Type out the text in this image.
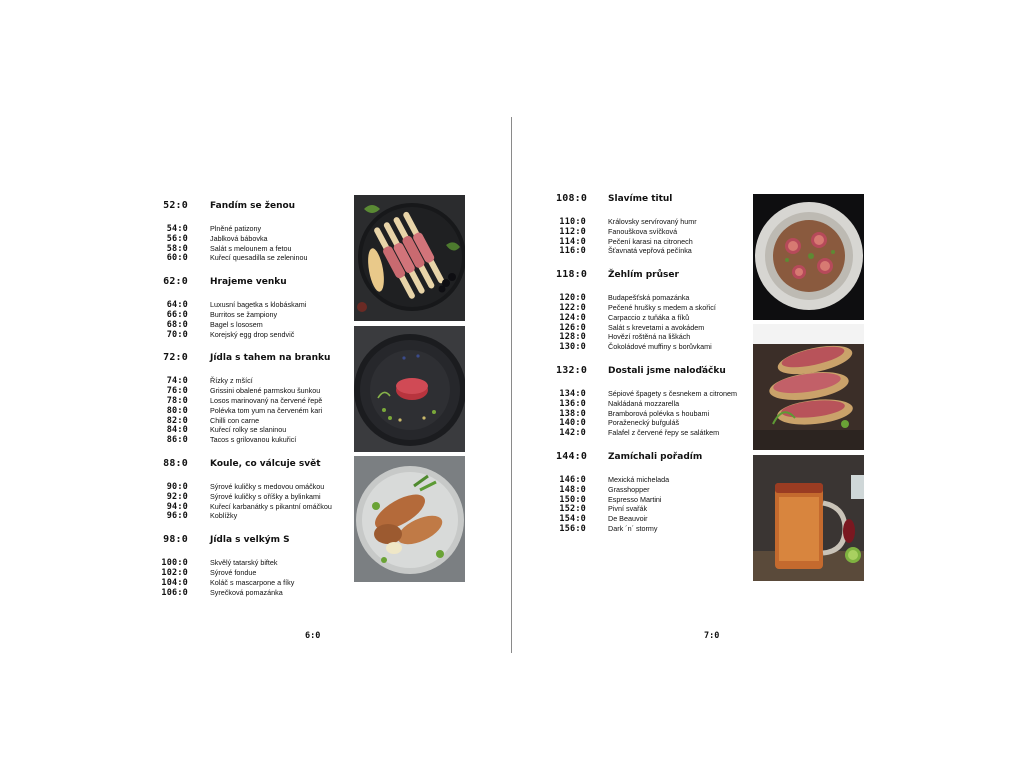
52:0 Fandím se ženou
54:0	Plněné patizony
56:0	Jablková bábovka
58:0	Salát s melounem a fetou
60:0	Kuřecí quesadilla se zeleninou
62:0 Hrajeme venku
64:0	Luxusní bagetka s klobáskami
66:0	Burritos se žampiony
68:0	Bagel s lososem
70:0	Korejský egg drop sendvič
72:0 Jídla s tahem na branku
74:0	Řízky z mšící
76:0	Grissini obalené parmskou šunkou
78:0	Losos marinovaný na červené řepě
80:0	Polévka tom yum na červeném kari
82:0	Chilli con carne
84:0	Kuřecí rolky se slaninou
86:0	Tacos s grilovanou kukuřicí
88:0 Koule, co válcuje svět
90:0	Sýrové kuličky s medovou omáčkou
92:0	Sýrové kuličky s oříšky a bylinkami
94:0	Kuřecí karbanátky s pikantní omáčkou
96:0	Koblížky
98:0 Jídla s velkým S
100:0	Skvělý tatarský biftek
102:0	Sýrové fondue
104:0	Koláč s mascarpone a fíky
106:0	Syrečková pomazánka
6:0
108:0 Slavíme titul
110:0	Královsky servírovaný humr
112:0	Fanouškova svíčková
114:0	Pečení karasi na citronech
116:0	Šťavnatá vepřová pečínka
118:0 Žehlím průser
120:0	Budapešťská pomazánka
122:0	Pečené hrušky s medem a skořicí
124:0	Carpaccio z tuňáka a fíků
126:0	Salát s krevetami a avokádem
128:0	Hovězí roštěná na liškách
130:0	Čokoládové muffiny s borůvkami
132:0 Dostali jsme naloďáčku
134:0	Sépiové špagety s česnekem a citronem
136:0	Nakládaná mozzarella
138:0	Bramborová polévka s houbami
140:0	Poraženecký buřguláš
142:0	Falafel z červené řepy se salátkem
144:0 Zamíchali pořadím
146:0	Mexická michelada
148:0	Grasshopper
150:0	Espresso Martini
152:0	Pivní svařák
154:0	De Beauvoir
156:0	Dark ´n´ stormy
7:0
